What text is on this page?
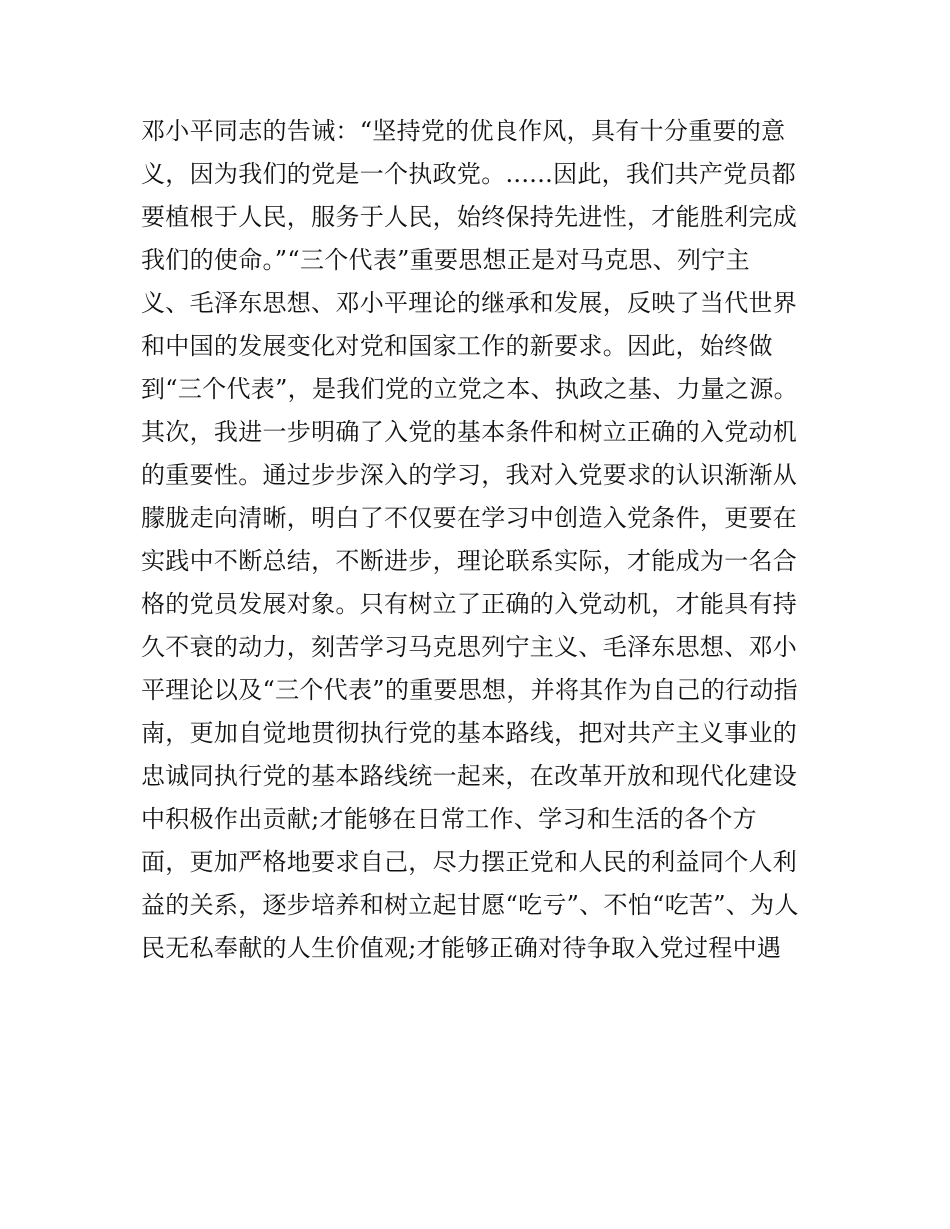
邓小平同志的告诫：“坚持党的优良作风，具有十分重要的意
义，因为我们的党是一个执政党。......因此，我们共产党员都
要植根于人民，服务于人民，始终保持先进性，才能胜利完成
我们的使命。”“三个代表”重要思想正是对马克思、列宁主
义、毛泽东思想、邓小平理论的继承和发展，反映了当代世界
和中国的发展变化对党和国家工作的新要求。因此，始终做
到“三个代表”，是我们党的立党之本、执政之基、力量之源。
其次，我进一步明确了入党的基本条件和树立正确的入党动机
的重要性。通过步步深入的学习，我对入党要求的认识渐渐从
朦胧走向清晰，明白了不仅要在学习中创造入党条件，更要在
实践中不断总结，不断进步，理论联系实际，才能成为一名合
格的党员发展对象。只有树立了正确的入党动机，才能具有持
久不衰的动力，刻苦学习马克思列宁主义、毛泽东思想、邓小
平理论以及“三个代表”的重要思想，并将其作为自己的行动指
南，更加自觉地贯彻执行党的基本路线，把对共产主义事业的
忠诚同执行党的基本路线统一起来，在改革开放和现代化建设
中积极作出贡献;才能够在日常工作、学习和生活的各个方
面，更加严格地要求自己，尽力摆正党和人民的利益同个人利
益的关系，逐步培养和树立起甘愿“吃亏”、不怕“吃苦”、为人
民无私奉献的人生价值观;才能够正确对待争取入党过程中遇
